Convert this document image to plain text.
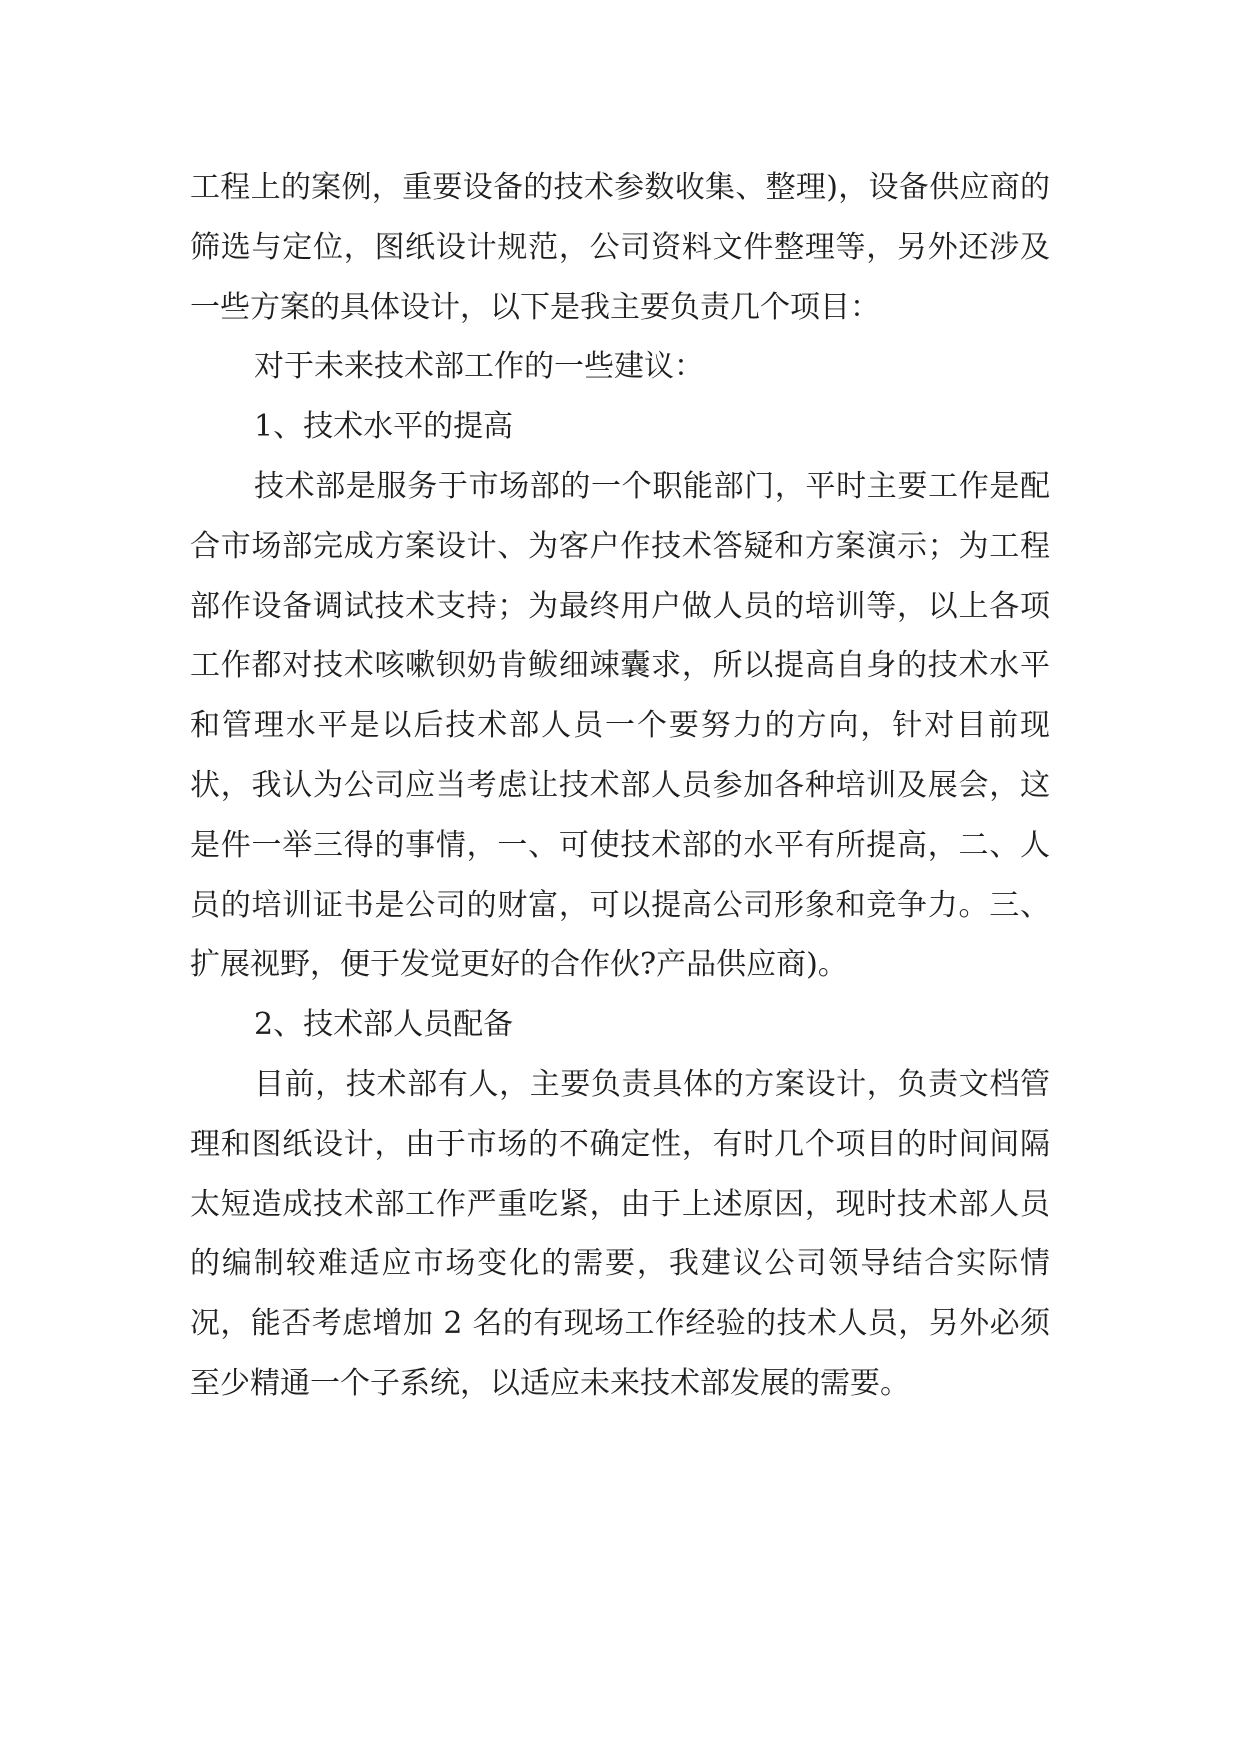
工程上的案例，重要设备的技术参数收集、整理)，设备供应商的筛选与定位，图纸设计规范，公司资料文件整理等，另外还涉及一些方案的具体设计，以下是我主要负责几个项目：

对于未来技术部工作的一些建议：

1、技术水平的提高

技术部是服务于市场部的一个职能部门，平时主要工作是配合市场部完成方案设计、为客户作技术答疑和方案演示；为工程部作设备调试技术支持；为最终用户做人员的培训等，以上各项工作都对技术咳嗽钡奶肯鲅细竦囊求，所以提高自身的技术水平和管理水平是以后技术部人员一个要努力的方向，针对目前现状，我认为公司应当考虑让技术部人员参加各种培训及展会，这是件一举三得的事情，一、可使技术部的水平有所提高，二、人员的培训证书是公司的财富，可以提高公司形象和竞争力。三、扩展视野，便于发觉更好的合作伙?产品供应商)。

2、技术部人员配备

目前，技术部有人，主要负责具体的方案设计，负责文档管理和图纸设计，由于市场的不确定性，有时几个项目的时间间隔太短造成技术部工作严重吃紧，由于上述原因，现时技术部人员的编制较难适应市场变化的需要，我建议公司领导结合实际情况，能否考虑增加 2 名的有现场工作经验的技术人员，另外必须至少精通一个子系统，以适应未来技术部发展的需要。
